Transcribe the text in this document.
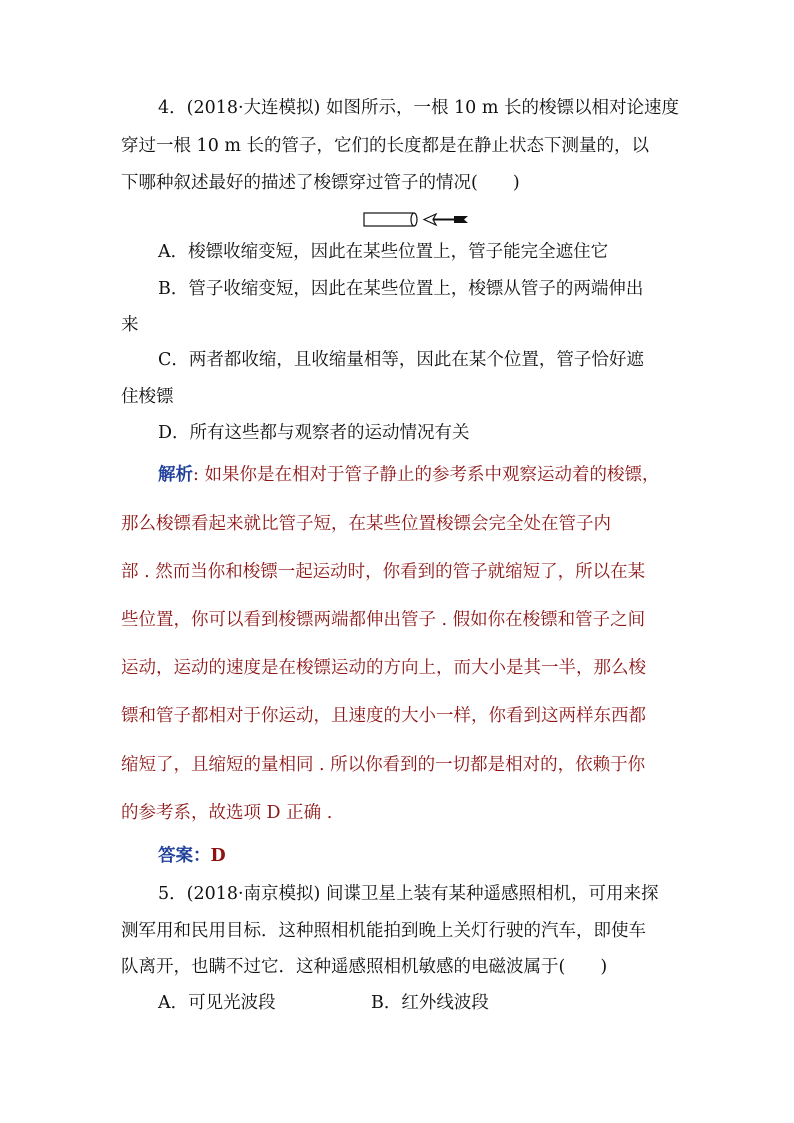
4．(2018·大连模拟) 如图所示，一根 10 m 长的梭镖以相对论速度
穿过一根 10 m 长的管子，它们的长度都是在静止状态下测量的，以
下哪种叙述最好的描述了梭镖穿过管子的情况(　　)
A．梭镖收缩变短，因此在某些位置上，管子能完全遮住它
B．管子收缩变短，因此在某些位置上，梭镖从管子的两端伸出
来
C．两者都收缩，且收缩量相等，因此在某个位置，管子恰好遮
住梭镖
D．所有这些都与观察者的运动情况有关
解析: 如果你是在相对于管子静止的参考系中观察运动着的梭镖，
那么梭镖看起来就比管子短，在某些位置梭镖会完全处在管子内
部 . 然而当你和梭镖一起运动时，你看到的管子就缩短了，所以在某
些位置，你可以看到梭镖两端都伸出管子 . 假如你在梭镖和管子之间
运动，运动的速度是在梭镖运动的方向上，而大小是其一半，那么梭
镖和管子都相对于你运动，且速度的大小一样，你看到这两样东西都
缩短了，且缩短的量相同 . 所以你看到的一切都是相对的，依赖于你
的参考系，故选项 D 正确 .
答案：D
5．(2018·南京模拟) 间谍卫星上装有某种遥感照相机，可用来探
测军用和民用目标．这种照相机能拍到晚上关灯行驶的汽车，即使车
队离开，也瞒不过它．这种遥感照相机敏感的电磁波属于(　　)
A．可见光波段	B．红外线波段
